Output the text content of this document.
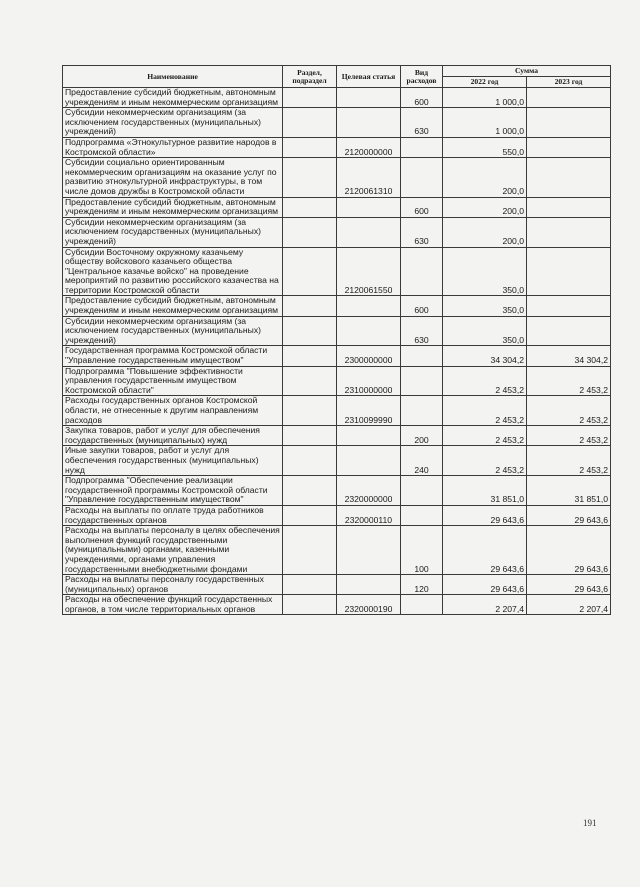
Наименование	Раздел, подраздел	Целевая статья	Вид расходов	Сумма	
				2022 год	2023 год
Предоставление субсидий бюджетным, автономным учреждениям и иным некоммерческим организациям			600	1 000,0	
Субсидии некоммерческим организациям (за исключением государственных (муниципальных) учреждений)			630	1 000,0	
Подпрограмма «Этнокультурное развитие народов в Костромской области»		2120000000		550,0	
Субсидии социально ориентированным некоммерческим организациям на оказание услуг по развитию этнокультурной инфраструктуры, в том числе домов дружбы в Костромской области		2120061310		200,0	
Предоставление субсидий бюджетным, автономным учреждениям и иным некоммерческим организациям			600	200,0	
Субсидии некоммерческим организациям (за исключением государственных (муниципальных) учреждений)			630	200,0	
Субсидии Восточному окружному казачьему обществу войскового казачьего общества "Центральное казачье войско" на проведение мероприятий по развитию российского казачества на территории Костромской области		2120061550		350,0	
Предоставление субсидий бюджетным, автономным учреждениям и иным некоммерческим организациям			600	350,0	
Субсидии некоммерческим организациям (за исключением государственных (муниципальных) учреждений)			630	350,0	
Государственная программа Костромской области "Управление государственным имуществом"		2300000000		34 304,2	34 304,2
Подпрограмма "Повышение эффективности управления государственным имуществом Костромской области"		2310000000		2 453,2	2 453,2
Расходы государственных органов Костромской области, не отнесенные к другим направлениям расходов		2310099990		2 453,2	2 453,2
Закупка товаров, работ и услуг для обеспечения государственных (муниципальных) нужд			200	2 453,2	2 453,2
Иные закупки товаров, работ и услуг для обеспечения государственных (муниципальных) нужд			240	2 453,2	2 453,2
Подпрограмма "Обеспечение реализации государственной программы Костромской области "Управление государственным имуществом"		2320000000		31 851,0	31 851,0
Расходы на выплаты по оплате труда работников государственных органов		2320000110		29 643,6	29 643,6
Расходы на выплаты персоналу в целях обеспечения выполнения функций государственными (муниципальными) органами, казенными учреждениями, органами управления государственными внебюджетными фондами			100	29 643,6	29 643,6
Расходы на выплаты персоналу государственных (муниципальных) органов			120	29 643,6	29 643,6
Расходы на обеспечение функций государственных органов, в том числе территориальных органов		2320000190		2 207,4	2 207,4
191
